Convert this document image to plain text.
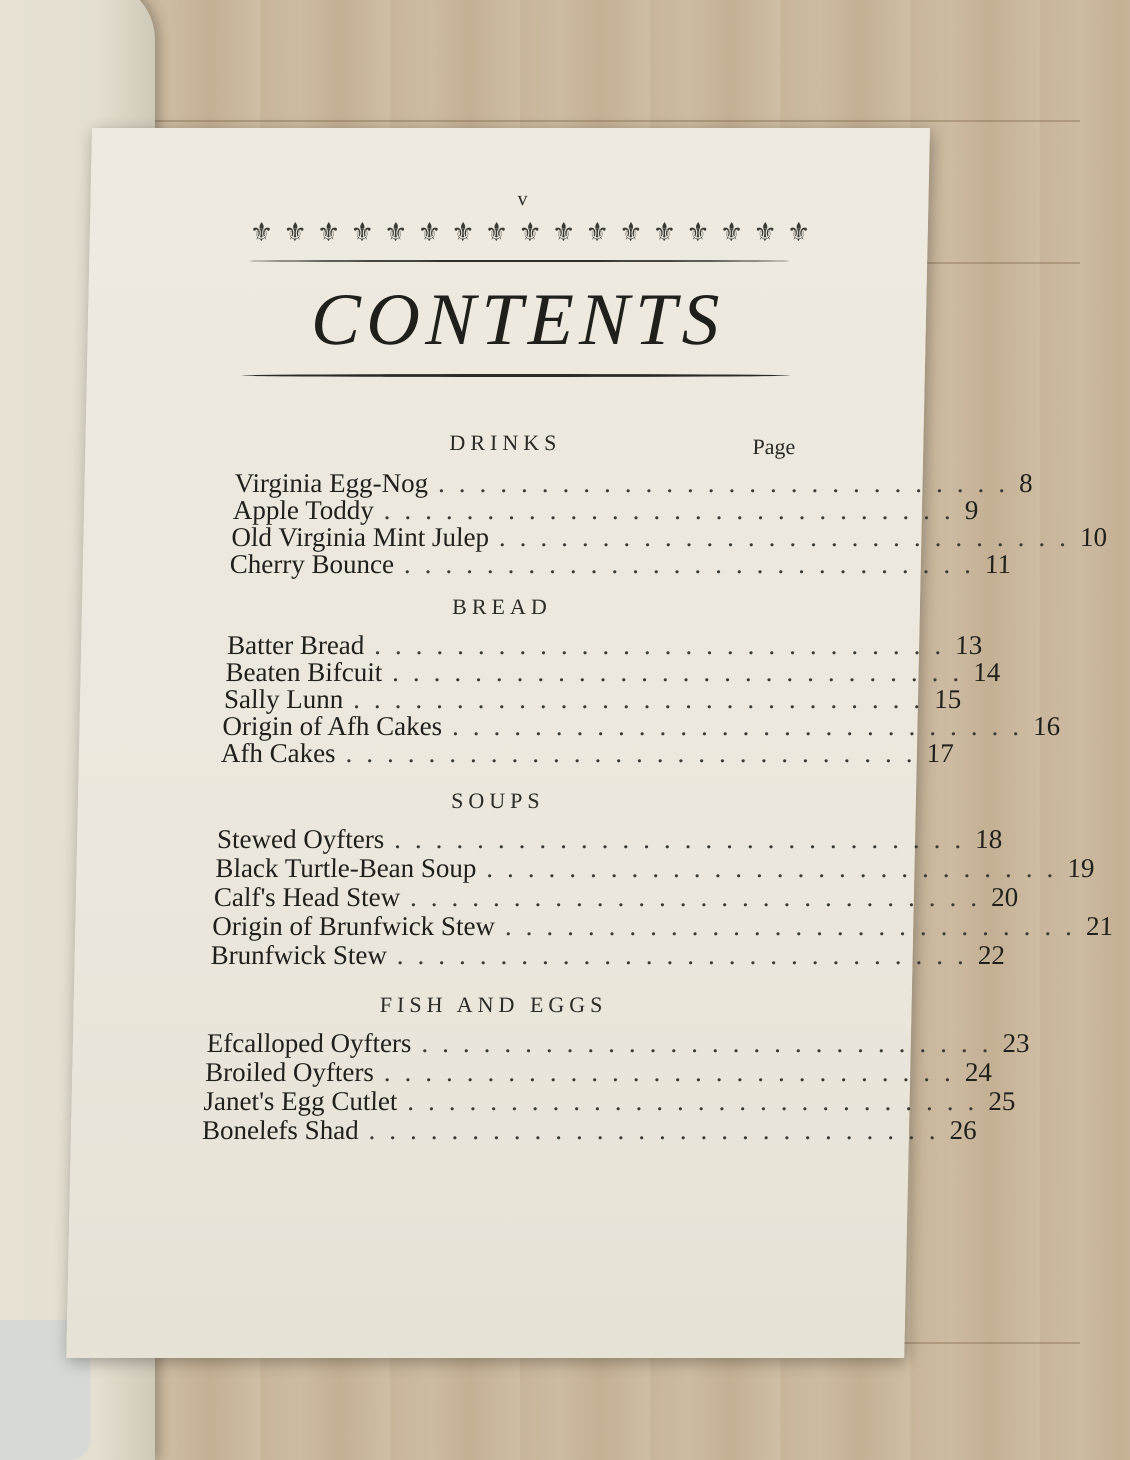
v
⚜ ⚜ ⚜ ⚜ ⚜ ⚜ ⚜ ⚜ ⚜ ⚜ ⚜ ⚜ ⚜ ⚜ ⚜ ⚜ ⚜
CONTENTS
Page
DRINKS
Virginia Egg-Nog ............................ 8
Apple Toddy ............................ 9
Old Virginia Mint Julep ............................ 10
Cherry Bounce ............................ 11
BREAD
Batter Bread ............................ 13
Beaten Bifcuit ............................ 14
Sally Lunn ............................ 15
Origin of Afh Cakes ............................ 16
Afh Cakes ............................ 17
SOUPS
Stewed Oyfters ............................ 18
Black Turtle-Bean Soup ............................ 19
Calf's Head Stew ............................ 20
Origin of Brunfwick Stew ............................ 21
Brunfwick Stew ............................ 22
FISH AND EGGS
Efcalloped Oyfters ............................ 23
Broiled Oyfters ............................ 24
Janet's Egg Cutlet ............................ 25
Bonelefs Shad ............................ 26
